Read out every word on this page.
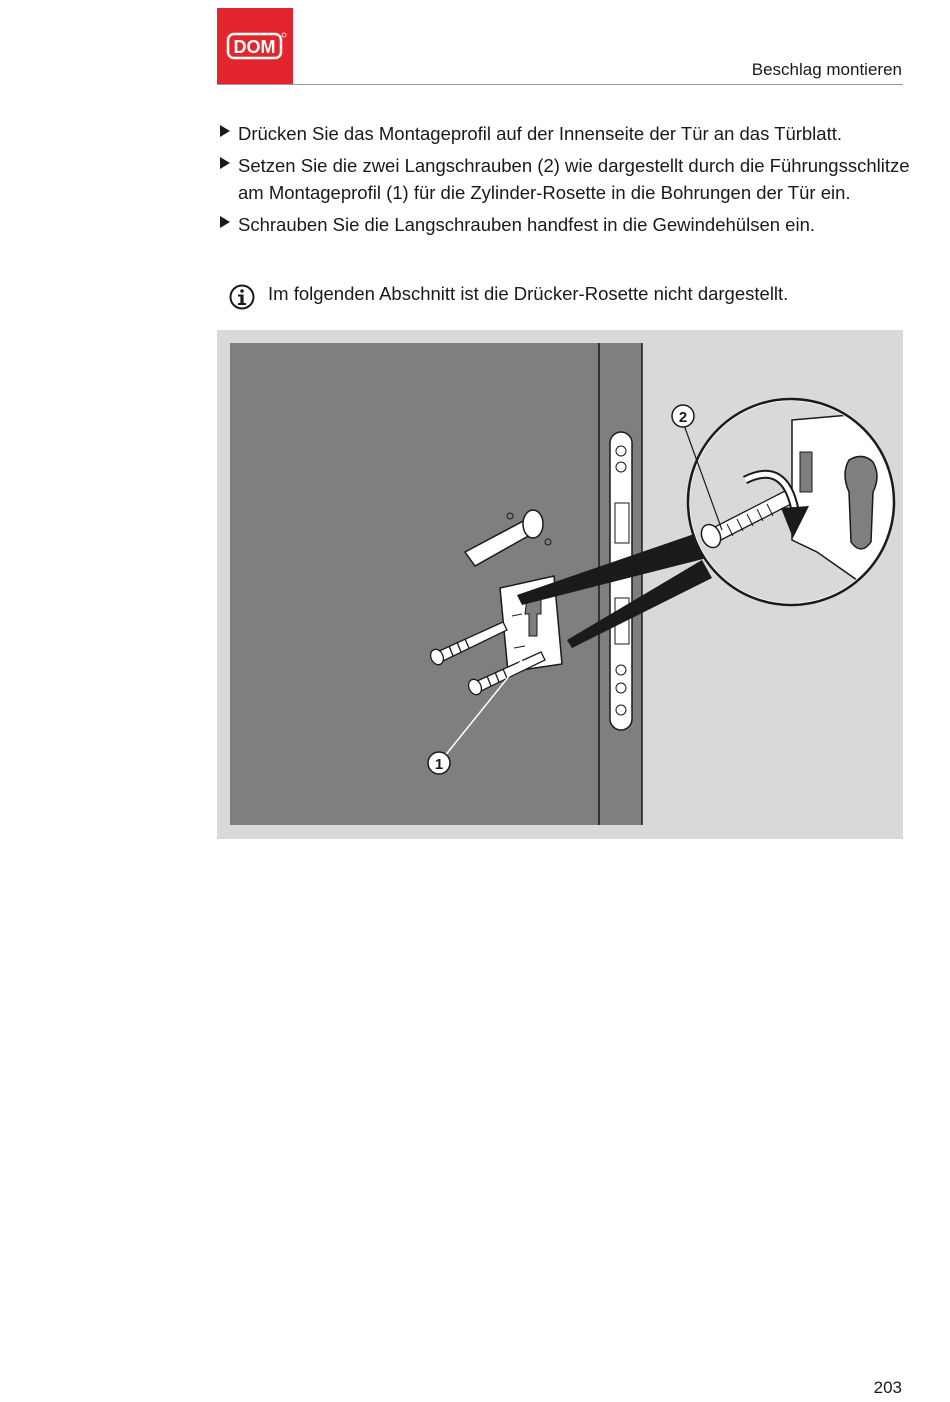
DOM
Beschlag montieren
Drücken Sie das Montageprofil auf der Innenseite der Tür an das Türblatt.
Setzen Sie die zwei Langschrauben (2) wie dargestellt durch die Führungsschlitze am Montageprofil (1) für die Zylinder-Rosette in die Bohrungen der Tür ein.
Schrauben Sie die Langschrauben handfest in die Gewindehülsen ein.
Im folgenden Abschnitt ist die Drücker-Rosette nicht dargestellt.
1
2
203
